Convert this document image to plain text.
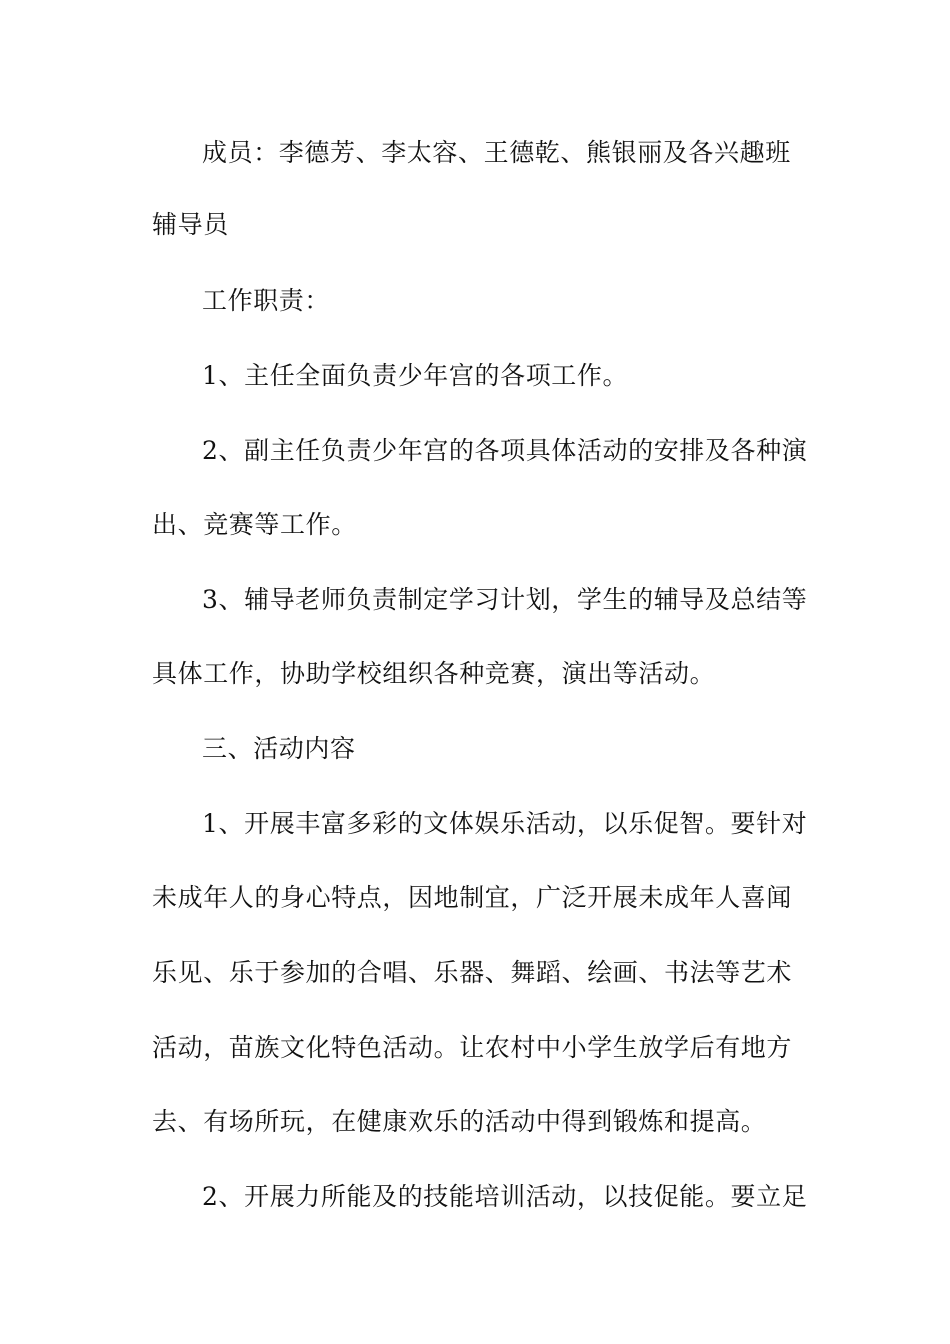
成员：李德芳、李太容、王德乾、熊银丽及各兴趣班

辅导员

工作职责：

1、主任全面负责少年宫的各项工作。

2、副主任负责少年宫的各项具体活动的安排及各种演

出、竞赛等工作。

3、辅导老师负责制定学习计划，学生的辅导及总结等

具体工作，协助学校组织各种竞赛，演出等活动。

三、活动内容

1、开展丰富多彩的文体娱乐活动，以乐促智。要针对

未成年人的身心特点，因地制宜，广泛开展未成年人喜闻

乐见、乐于参加的合唱、乐器、舞蹈、绘画、书法等艺术

活动，苗族文化特色活动。让农村中小学生放学后有地方

去、有场所玩，在健康欢乐的活动中得到锻炼和提高。

2、开展力所能及的技能培训活动，以技促能。要立足
